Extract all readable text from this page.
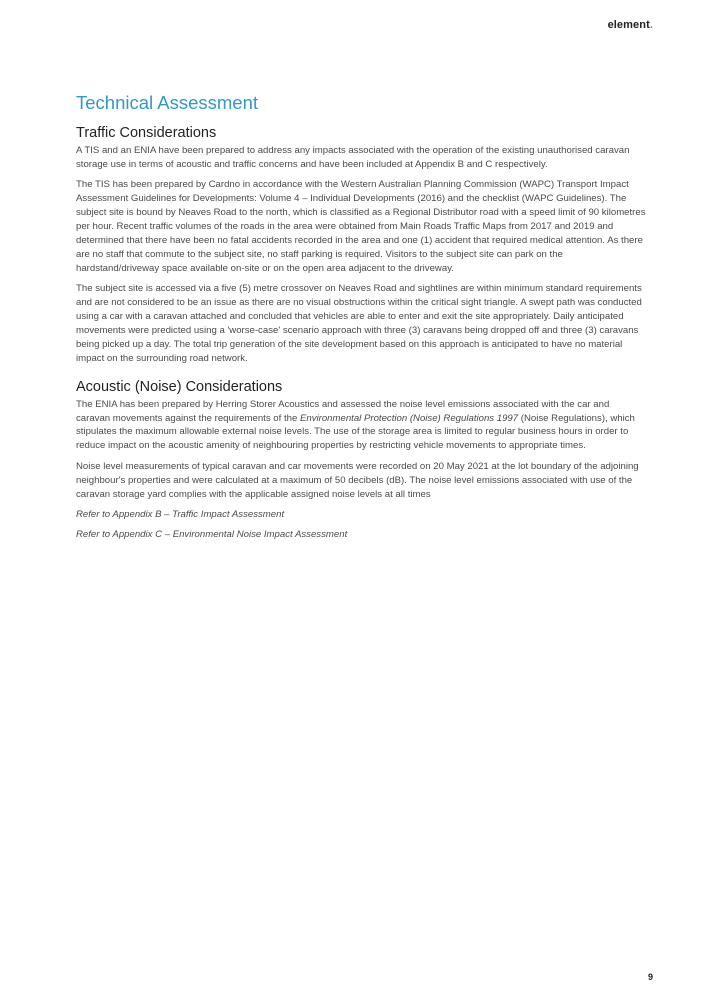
element.
Technical Assessment
Traffic Considerations

A TIS and an ENIA have been prepared to address any impacts associated with the operation of the existing unauthorised caravan storage use in terms of acoustic and traffic concerns and have been included at Appendix B and C respectively.

The TIS has been prepared by Cardno in accordance with the Western Australian Planning Commission (WAPC) Transport Impact Assessment Guidelines for Developments: Volume 4 – Individual Developments (2016) and the checklist (WAPC Guidelines). The subject site is bound by Neaves Road to the north, which is classified as a Regional Distributor road with a speed limit of 90 kilometres per hour. Recent traffic volumes of the roads in the area were obtained from Main Roads Traffic Maps from 2017 and 2019 and determined that there have been no fatal accidents recorded in the area and one (1) accident that required medical attention. As there are no staff that commute to the subject site, no staff parking is required. Visitors to the subject site can park on the hardstand/driveway space available on-site or on the open area adjacent to the driveway.

The subject site is accessed via a five (5) metre crossover on Neaves Road and sightlines are within minimum standard requirements and are not considered to be an issue as there are no visual obstructions within the critical sight triangle. A swept path was conducted using a car with a caravan attached and concluded that vehicles are able to enter and exit the site appropriately. Daily anticipated movements were predicted using a 'worse-case' scenario approach with three (3) caravans being dropped off and three (3) caravans being picked up a day. The total trip generation of the site development based on this approach is anticipated to have no material impact on the surrounding road network.

Acoustic (Noise) Considerations

The ENIA has been prepared by Herring Storer Acoustics and assessed the noise level emissions associated with the car and caravan movements against the requirements of the Environmental Protection (Noise) Regulations 1997 (Noise Regulations), which stipulates the maximum allowable external noise levels. The use of the storage area is limited to regular business hours in order to reduce impact on the acoustic amenity of neighbouring properties by restricting vehicle movements to appropriate times.

Noise level measurements of typical caravan and car movements were recorded on 20 May 2021 at the lot boundary of the adjoining neighbour's properties and were calculated at a maximum of 50 decibels (dB). The noise level emissions associated with use of the caravan storage yard complies with the applicable assigned noise levels at all times

Refer to Appendix B – Traffic Impact Assessment

Refer to Appendix C – Environmental Noise Impact Assessment

9
